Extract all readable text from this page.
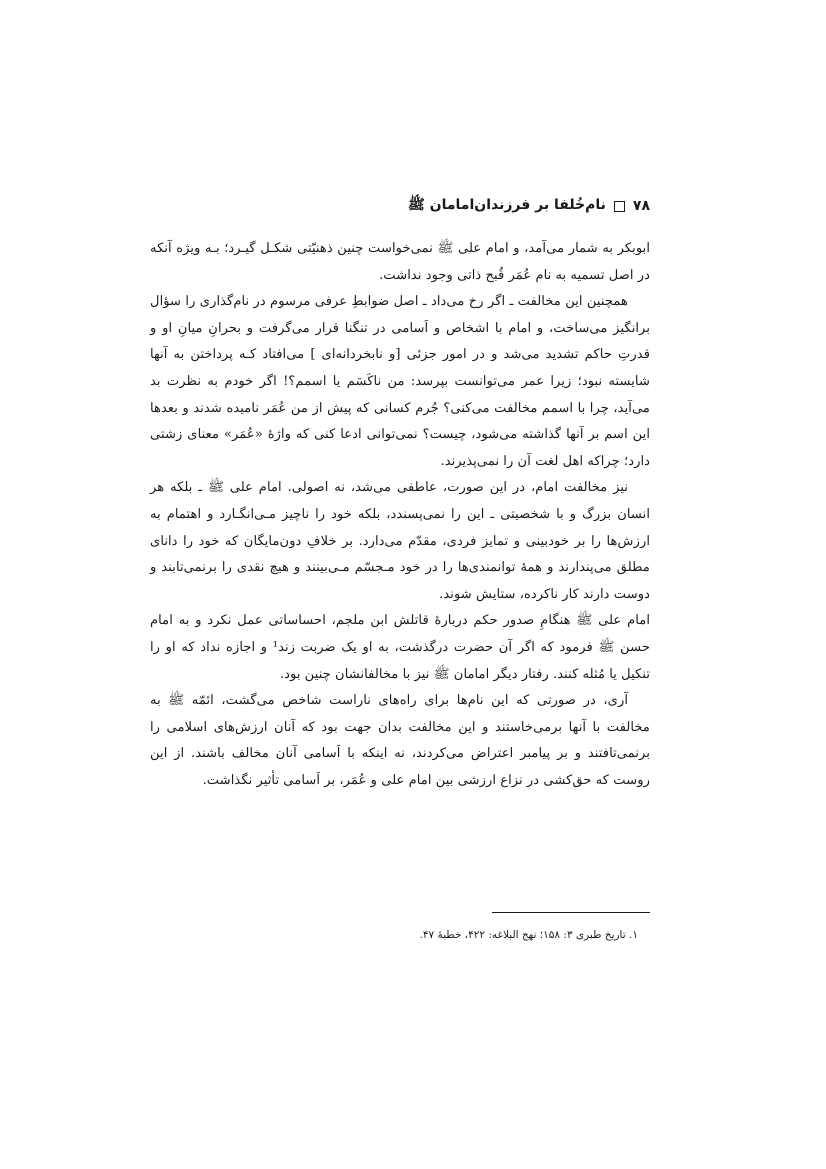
۷۸
نام‌خُلفا بر فرزندان‌امامان ﷺ

ابوبکر به شمار می‌آمد، و امام علی ﷺ نمی‌خواست چنین ذهنیّتی شکـل گیـرد؛ بـه ویژه آنکه در اصل تسمیه به نام عُمَر قُبح ذاتی وجود نداشت.

همچنین این مخالفت ـ اگر رخ می‌داد ـ اصل ضوابطِ عرفی مرسوم در نام‌گذاری را سؤال برانگیز می‌ساخت، و امام با اشخاص و اَسامی در تنگنا قرار می‌گرفت و بحرانِ میانِ او و قدرتِ حاکم تشدید می‌شد و در امور جزئی [و نابخردانه‌ای ] می‌افتاد کـه پرداختن به آنها شایسته نبود؛ زیرا عمر می‌توانست بپرسد: من ناکَسَم یا اسمم؟! اگر خودم به نظرت بد می‌آید، چرا با اسمم مخالفت می‌کنی؟ جُرم کسانی که پیش از من عُمَر نامیده شدند و بعدها این اسم بر آنها گذاشته می‌شود، چیست؟ نمی‌توانی ادعا کنی که واژهٔ «عُمَر» معنای زشتی دارد؛ چراکه اهل لغت آن را نمی‌پذیرند.

نیز مخالفت امام، در این صورت، عاطفی می‌شد، نه اصولی. امام علی ﷺ ـ بلکه هر انسان بزرگ و با شخصیتی ـ این را نمی‌پسندد، بلکه خود را ناچیز مـی‌انگـارد و اهتمام به ارزش‌ها را بر خودبینی و تمایز فردی، مقدّم می‌دارد. بر خلافِ دون‌مایگان که خود را دانای مطلق می‌پندارند و همهٔ توانمندی‌ها را در خود مـجسّم مـی‌بینند و هیچ نقدی را برنمی‌تابند و دوست دارند کار ناکرده، ستایش شوند.

امام علی ﷺ هنگامِ صدور حکم دربارهٔ قاتلش ابن ملجم، احساساتی عمل نکرد و به امام حسن ﷺ فرمود که اگر آن حضرت درگذشت، به او یک ضربت زند¹ و اجازه نداد که او را تنکیل یا مُثله کنند. رفتار دیگر امامان ﷺ نیز با مخالفانشان چنین بود.

آری، در صورتی که این نام‌ها برای راه‌های ناراست شاخص می‌گشت، ائمّه ﷺ به مخالفت با آنها برمی‌خاستند و این مخالفت بدان جهت بود که آنان ارزش‌های اسلامی را برنمی‌تافتند و بر پیامبر اعتراض می‌کردند، نه اینکه با اَسامی آنان مخالف باشند. از این روست که حق‌کشی در نزاع ارزشی بین امام علی و عُمَر، بر اَسامی تأثیر نگذاشت.

۱. تاریخ طبری ۳: ۱۵۸؛ نهج البلاغه: ۴۲۲، خطبهٔ ۴۷.
